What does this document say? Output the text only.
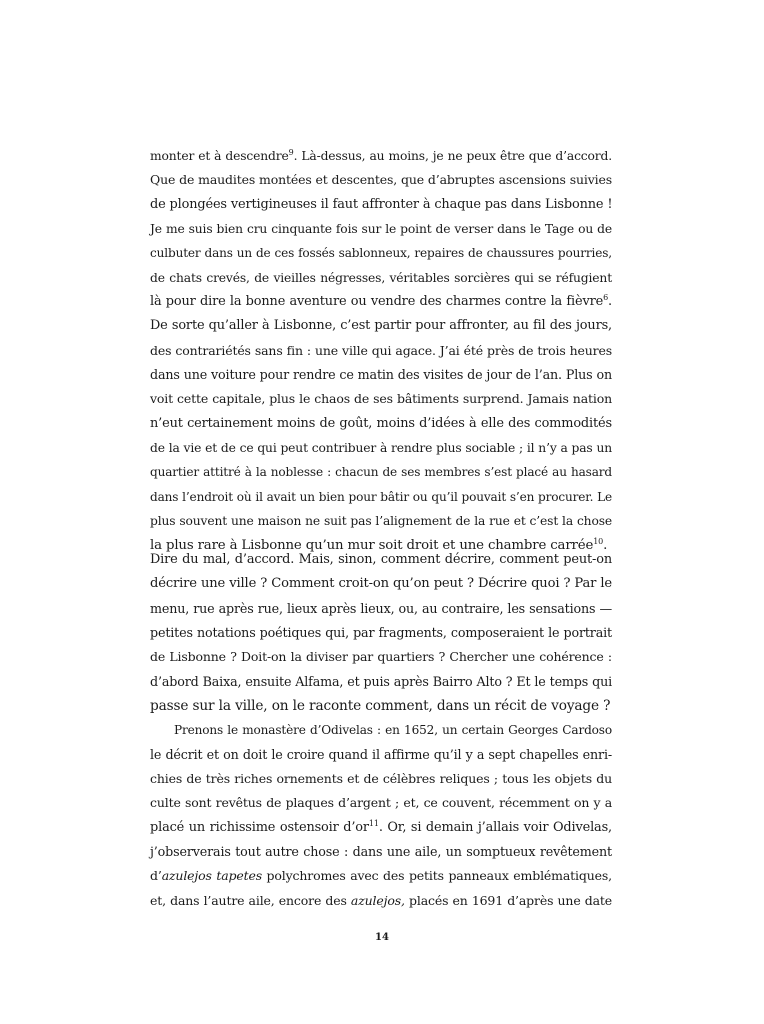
monter et à descendre$^9$. Là-dessus, au moins, je ne peux être que d’accord.
Que de maudites montées et descentes, que d’abruptes ascensions suivies
de plongées vertigineuses il faut affronter à chaque pas dans Lisbonne !
Je me suis bien cru cinquante fois sur le point de verser dans le Tage ou de
culbuter dans un de ces fossés sablonneux, repaires de chaussures pourries,
de chats crevés, de vieilles négresses, véritables sorcières qui se réfugient
là pour dire la bonne aventure ou vendre des charmes contre la fièvre$^6$.
De sorte qu’aller à Lisbonne, c’est partir pour affronter, au fil des jours,
des contrariétés sans fin : une ville qui agace. J’ai été près de trois heures
dans une voiture pour rendre ce matin des visites de jour de l’an. Plus on
voit cette capitale, plus le chaos de ses bâtiments surprend. Jamais nation
n’eut certainement moins de goût, moins d’idées à elle des commodités
de la vie et de ce qui peut contribuer à rendre plus sociable ; il n’y a pas un
quartier attitré à la noblesse : chacun de ses membres s’est placé au hasard
dans l’endroit où il avait un bien pour bâtir ou qu’il pouvait s’en procurer. Le
plus souvent une maison ne suit pas l’alignement de la rue et c’est la chose
la plus rare à Lisbonne qu’un mur soit droit et une chambre carrée$^{10}$.
Dire du mal, d’accord. Mais, sinon, comment décrire, comment peut-on
décrire une ville ? Comment croit-on qu’on peut ? Décrire quoi ? Par le
menu, rue après rue, lieux après lieux, ou, au contraire, les sensations —
petites notations poétiques qui, par fragments, composeraient le portrait
de Lisbonne ? Doit-on la diviser par quartiers ? Chercher une cohérence :
d’abord Baixa, ensuite Alfama, et puis après Bairro Alto ? Et le temps qui
passe sur la ville, on le raconte comment, dans un récit de voyage ?
Prenons le monastère d’Odivelas : en 1652, un certain Georges Cardoso
le décrit et on doit le croire quand il affirme qu’il y a sept chapelles enri-
chies de très riches ornements et de célèbres reliques ; tous les objets du
culte sont revêtus de plaques d’argent ; et, ce couvent, récemment on y a
placé un richissime ostensoir $d’or^{11}$. Or, si demain j’allais voir Odivelas,
j’observerais tout autre chose : dans une aile, un somptueux revêtement
d’azulejos tapetes polychromes avec des petits panneaux emblématiques,
et, dans l’autre aile, encore des azulejos, placés en 1691 d’après une date
14
